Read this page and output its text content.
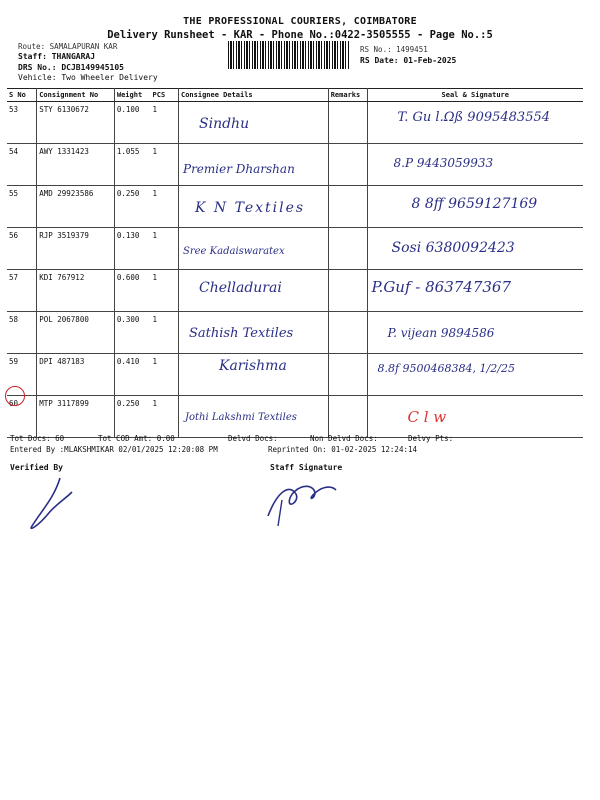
THE PROFESSIONAL COURIERS, COIMBATORE
Delivery Runsheet - KAR - Phone No.:0422-3505555 - Page No.:5
Route: SAMALAPURAN KAR
Staff: THANGARAJ
DRS No.: DCJB149945105
Vehicle: Two Wheeler Delivery
RS No.: 1499451
RS Date: 01-Feb-2025
S No	Consignment No	Weight	PCS	Consignee Details	Remarks	Seal & Signature
53	STY 6130672	0.100	1	Sindhu		T. Gu l.Ωß 9095483554

54	AWY 1331423	1.055	1	Premier Dharshan		8.P 9443059933

55	AMD 29923586	0.250	1	K N Textiles		8 8ff 9659127169

56	RJP 3519379	0.130	1	Sree Kadaiswaratex		Sosi 6380092423

57	KDI 767912	0.600	1	Chelladurai		P.Guf - 863747367

58	POL 2067800	0.300	1	Sathish Textiles		P. vijean 9894586

59	DPI 487183	0.410	1	Karishma		8.8f 9500468384, 1/2/25

60	MTP 3117899	0.250	1	Jothi Lakshmi Textiles		C l w
Tot Docs: 60	Tot COD Amt: 0.00	Delvd Docs:	Non Delvd Docs:	Delvy Pts:
Entered By :MLAKSHMIKAR 02/01/2025 12:20:08 PM	Reprinted On: 01-02-2025 12:24:14
Verified By	Staff Signature
